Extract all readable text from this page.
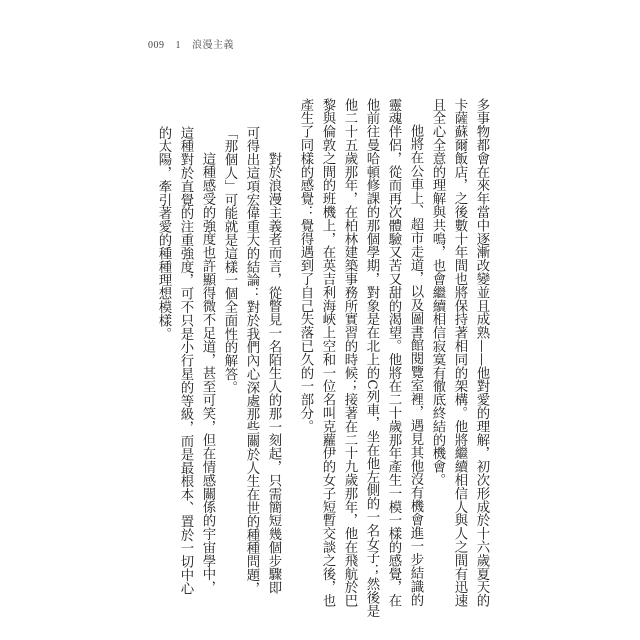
009 1 浪漫主義
多事物都會在來年當中逐漸改變並且成熟——他對愛的理解，初次形成於十六歲夏天的
卡薩蘇爾飯店，之後數十年間也將保持著相同的架構。他將繼續相信人與人之間有迅速
且全心全意的理解與共鳴，也會繼續相信寂寞有徹底終結的機會。
他將在公車上、超市走道，以及圖書館閱覽室裡，遇見其他沒有機會進一步結識的
靈魂伴侶，從而再次體驗又苦又甜的渴望。他將在二十歲那年產生一模一樣的感覺，在
他前往曼哈頓修課的那個學期，對象是在北上的C列車，坐在他左側的一名女子；然後是
他二十五歲那年，在柏林建築事務所實習的時候；接著在二十九歲那年，他在飛航於巴
黎與倫敦之間的班機上，在英吉利海峽上空和一位名叫克蘿伊的女子短暫交談之後，也
產生了同樣的感覺：覺得遇到了自己失落已久的一部分。
對於浪漫主義者而言，從瞥見一名陌生人的那一刻起，只需簡短幾個步驟即
可得出這項宏偉重大的結論：對於我們內心深處那些關於人生在世的種種問題，
「那個人」可能就是這樣一個全面性的解答。
這種感受的強度也許顯得微不足道，甚至可笑，但在情感關係的宇宙學中，
這種對於直覺的注重強度，可不只是小行星的等級，而是最根本、置於一切中心
的太陽，牽引著愛的種種理想模樣。
